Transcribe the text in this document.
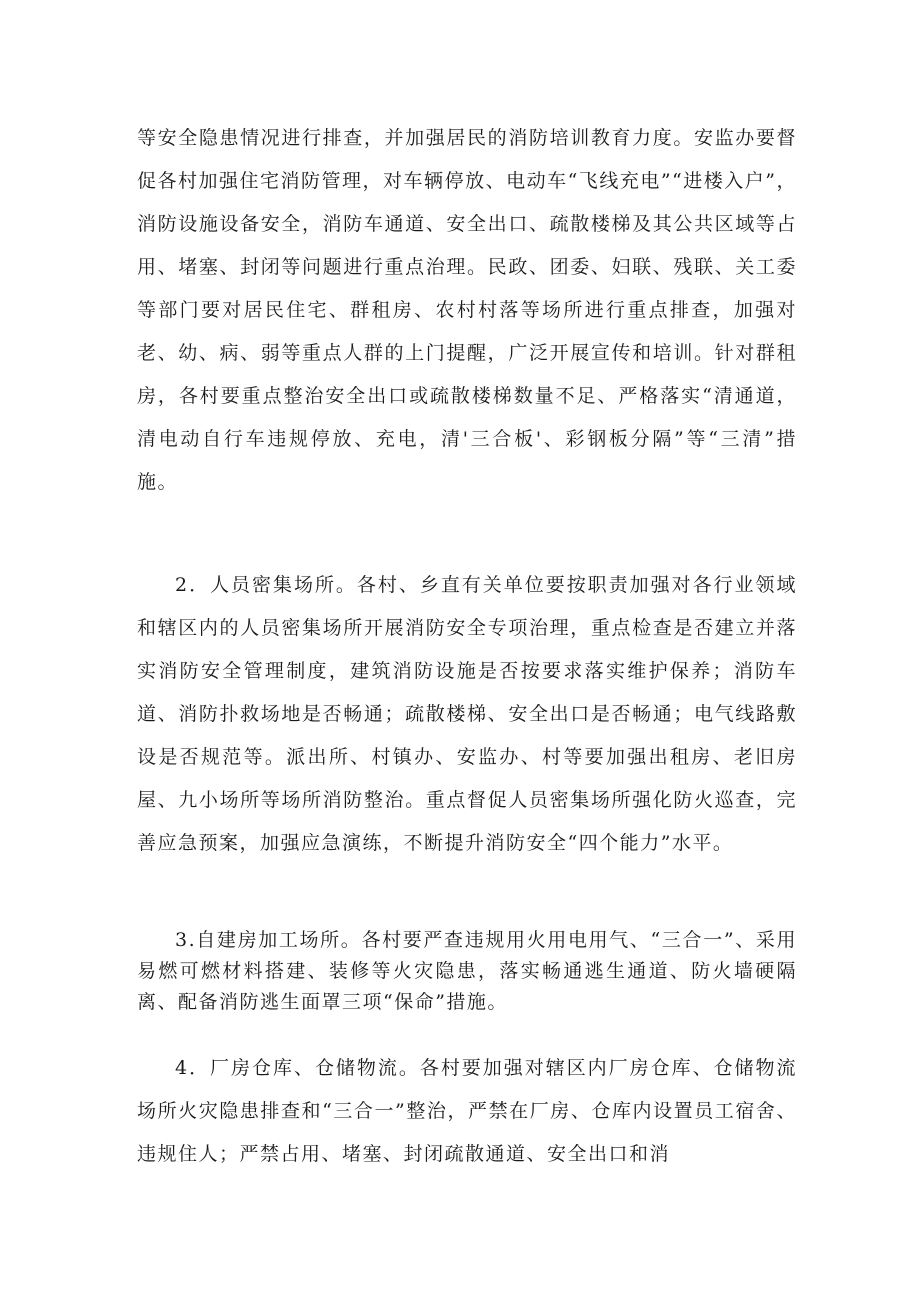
等安全隐患情况进行排查，并加强居民的消防培训教育力度。安监办要督促各村加强住宅消防管理，对车辆停放、电动车“飞线充电”“进楼入户”，消防设施设备安全，消防车通道、安全出口、疏散楼梯及其公共区域等占用、堵塞、封闭等问题进行重点治理。民政、团委、妇联、残联、关工委等部门要对居民住宅、群租房、农村村落等场所进行重点排查，加强对老、幼、病、弱等重点人群的上门提醒，广泛开展宣传和培训。针对群租房，各村要重点整治安全出口或疏散楼梯数量不足、严格落实“清通道，清电动自行车违规停放、充电，清'三合板'、彩钢板分隔”等“三清”措施。

2．人员密集场所。各村、乡直有关单位要按职责加强对各行业领域和辖区内的人员密集场所开展消防安全专项治理，重点检查是否建立并落实消防安全管理制度，建筑消防设施是否按要求落实维护保养；消防车道、消防扑救场地是否畅通；疏散楼梯、安全出口是否畅通；电气线路敷设是否规范等。派出所、村镇办、安监办、村等要加强出租房、老旧房屋、九小场所等场所消防整治。重点督促人员密集场所强化防火巡查，完善应急预案，加强应急演练，不断提升消防安全“四个能力”水平。

3.自建房加工场所。各村要严查违规用火用电用气、“三合一”、采用易燃可燃材料搭建、装修等火灾隐患，落实畅通逃生通道、防火墙硬隔离、配备消防逃生面罩三项“保命”措施。

4．厂房仓库、仓储物流。各村要加强对辖区内厂房仓库、仓储物流场所火灾隐患排查和“三合一”整治，严禁在厂房、仓库内设置员工宿舍、违规住人；严禁占用、堵塞、封闭疏散通道、安全出口和消
